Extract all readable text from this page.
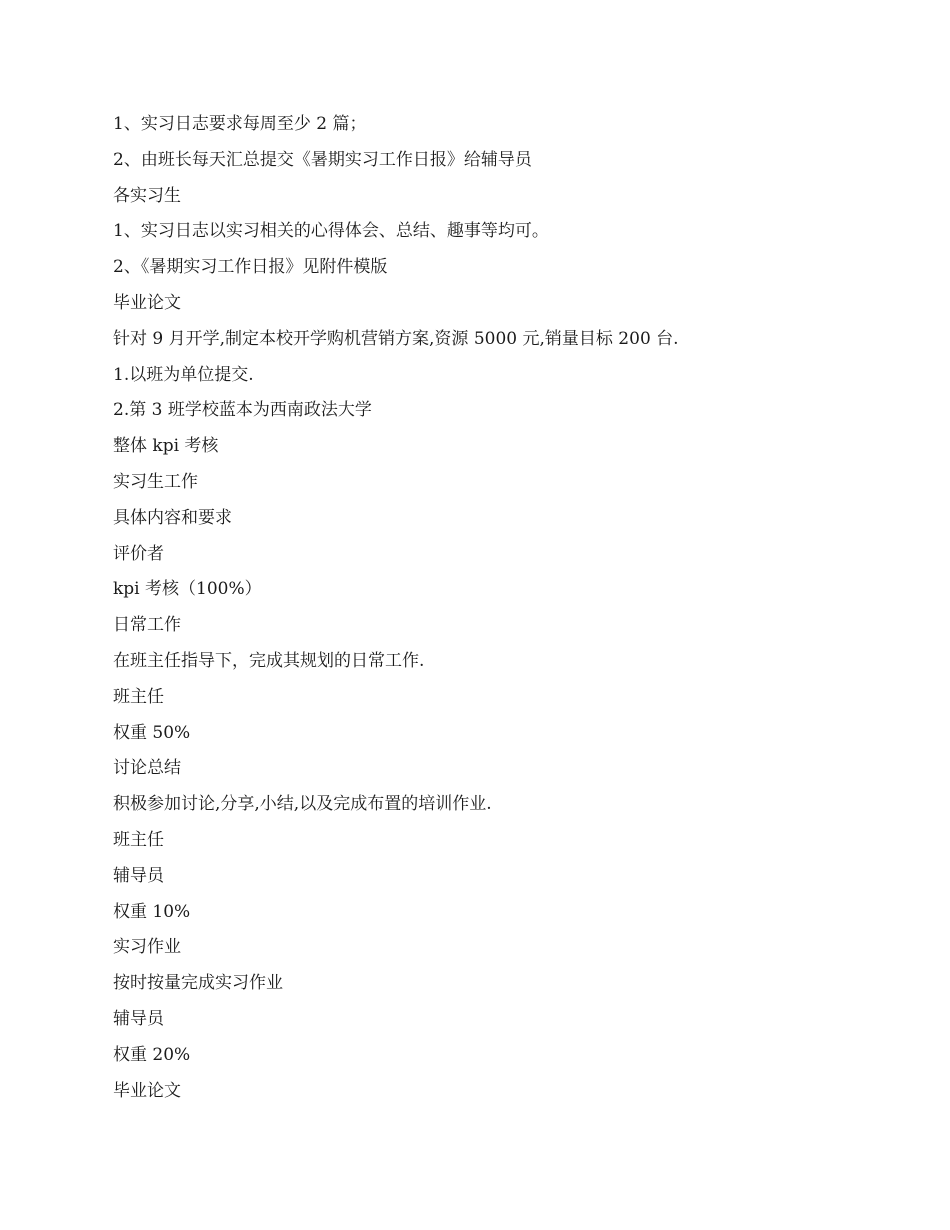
1、实习日志要求每周至少 2 篇；

2、由班长每天汇总提交《暑期实习工作日报》给辅导员

各实习生

1、实习日志以实习相关的心得体会、总结、趣事等均可。

2、《暑期实习工作日报》见附件模版

毕业论文

针对 9 月开学,制定本校开学购机营销方案,资源 5000 元,销量目标 200 台.

1.以班为单位提交.

2.第 3 班学校蓝本为西南政法大学

整体 kpi 考核

实习生工作

具体内容和要求

评价者

kpi 考核（100%）

日常工作

在班主任指导下，完成其规划的日常工作.

班主任

权重 50%

讨论总结

积极参加讨论,分享,小结,以及完成布置的培训作业.

班主任

辅导员

权重 10%

实习作业

按时按量完成实习作业

辅导员

权重 20%

毕业论文
